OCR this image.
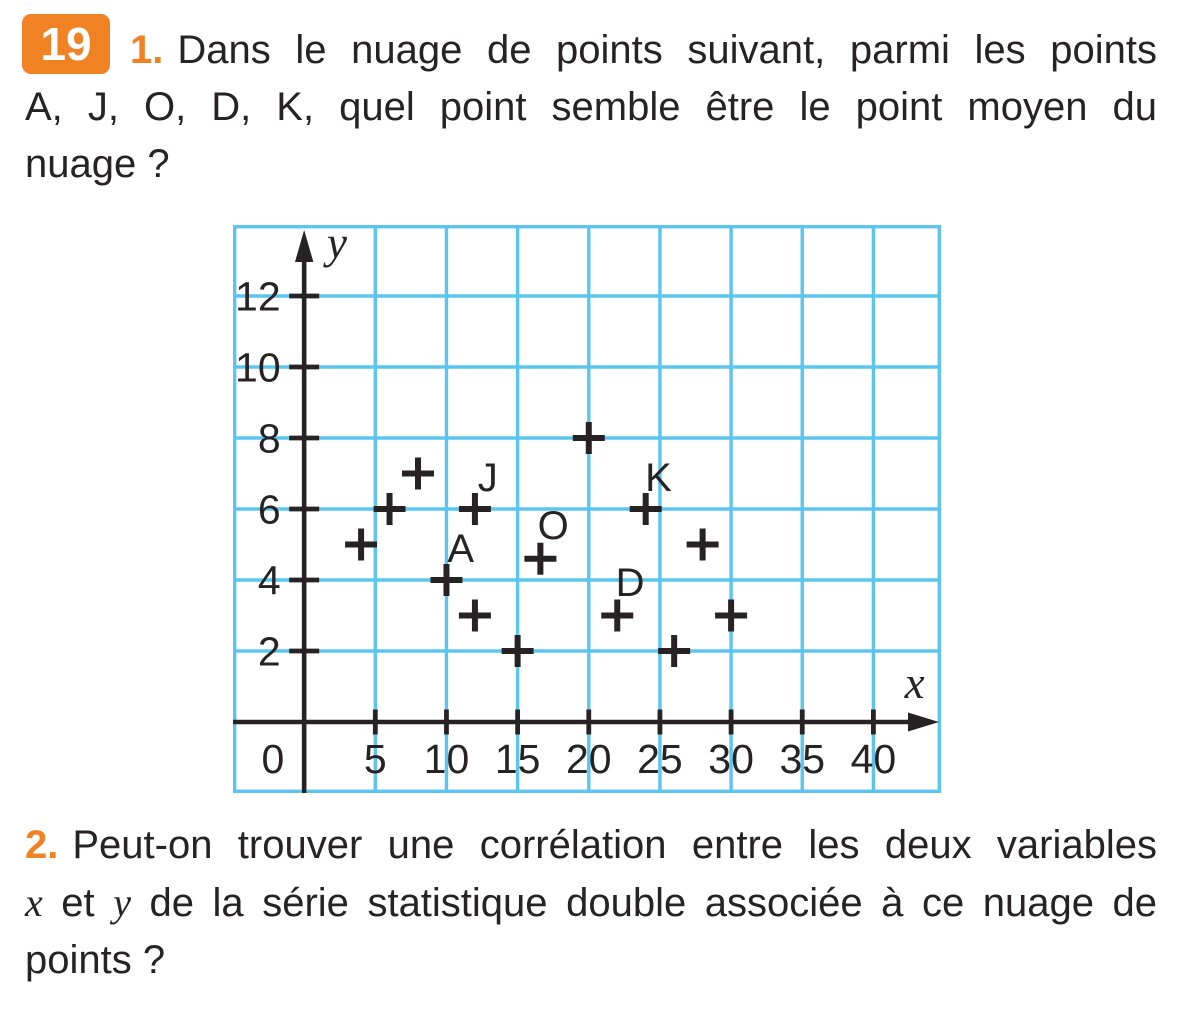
19 1. Dans le nuage de points suivant, parmi les points
A, J, O, D, K, quel point semble être le point moyen du
nuage ?
5 10 15 20 25 30 35 40
0
2
4
6
8
10
12
x
y
A
J
O
D
K
2. Peut-on trouver une corrélation entre les deux variables
x et y de la série statistique double associée à ce nuage de
points ?
